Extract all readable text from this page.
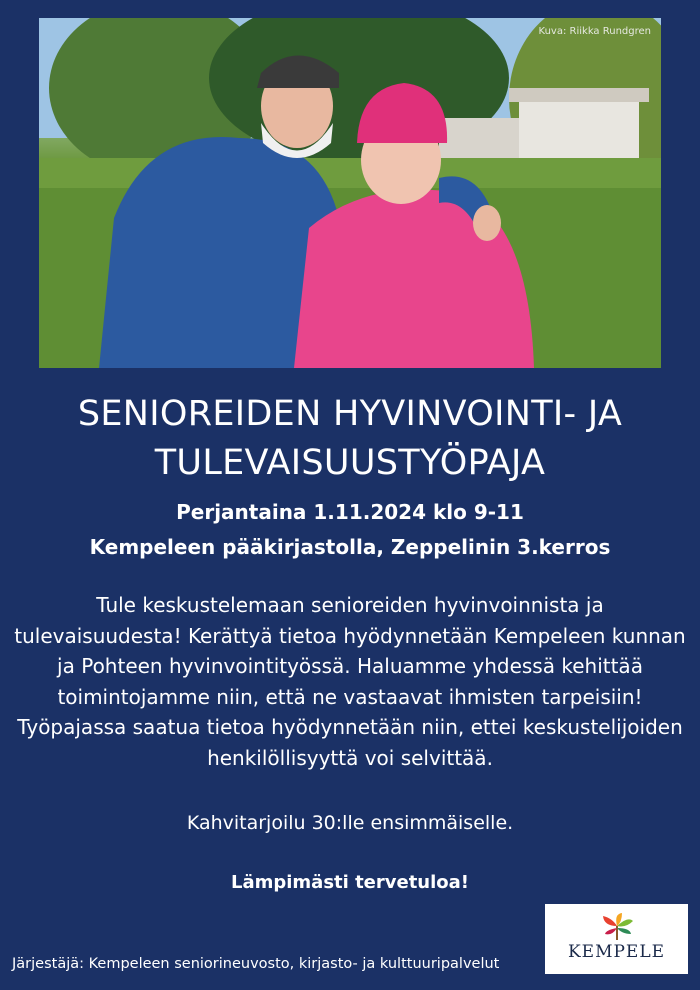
Kuva: Riikka Rundgren
SENIOREIDEN HYVINVOINTI- JA
TULEVAISUUSTYÖPAJA
Perjantaina 1.11.2024 klo 9-11
Kempeleen pääkirjastolla, Zeppelinin 3.kerros
Tule keskustelemaan senioreiden hyvinvoinnista ja tulevaisuudesta! Kerättyä tietoa hyödynnetään Kempeleen kunnan ja Pohteen hyvinvointityössä. Haluamme yhdessä kehittää toimintojamme niin, että ne vastaavat ihmisten tarpeisiin! Työpajassa saatua tietoa hyödynnetään niin, ettei keskustelijoiden henkilöllisyyttä voi selvittää.
Kahvitarjoilu 30:lle ensimmäiselle.
Lämpimästi tervetuloa!
Järjestäjä: Kempeleen seniorineuvosto, kirjasto- ja kulttuuripalvelut
KEMPELE
